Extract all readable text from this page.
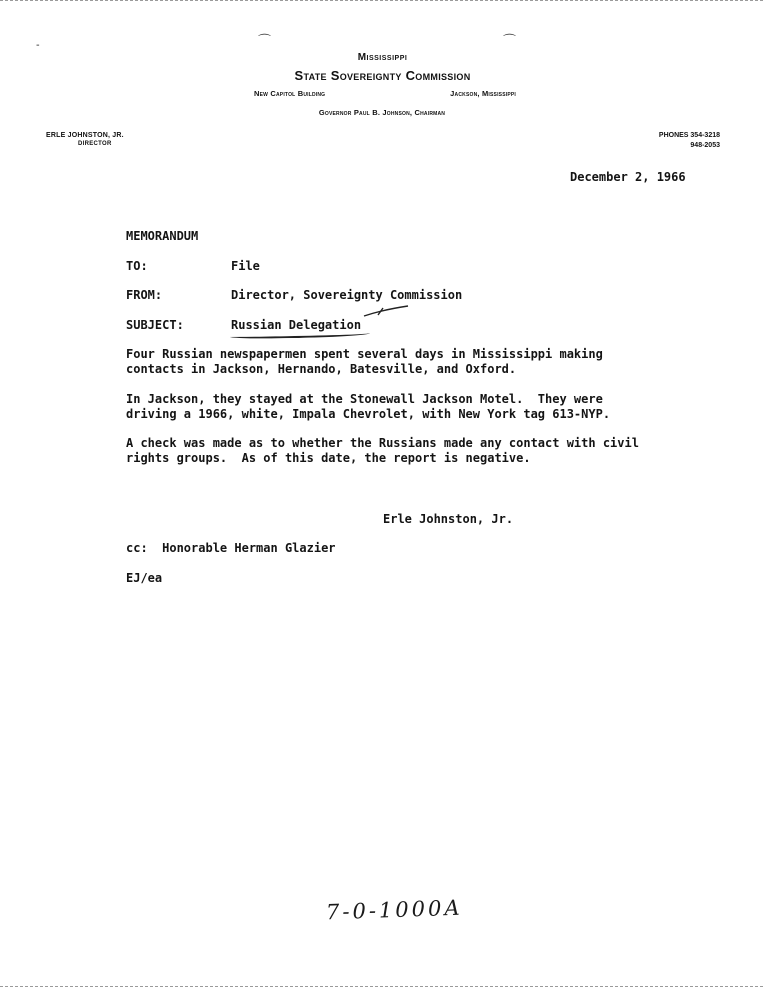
⌒	⌒
‐
Mississippi
State Sovereignty Commission
New Capitol Building	Jackson, Mississippi
Governor Paul B. Johnson, Chairman
ERLE JOHNSTON, JR.
DIRECTOR
PHONES 354-3218
948-2053
December 2, 1966
MEMORANDUM
TO:	File
FROM:	Director, Sovereignty Commission
SUBJECT:	Russian Delegation
Four Russian newspapermen spent several days in Mississippi making
contacts in Jackson, Hernando, Batesville, and Oxford.
In Jackson, they stayed at the Stonewall Jackson Motel.  They were
driving a 1966, white, Impala Chevrolet, with New York tag 613-NYP.
A check was made as to whether the Russians made any contact with civil
rights groups.  As of this date, the report is negative.
Erle Johnston, Jr.
cc:  Honorable Herman Glazier
EJ/ea
7-0-1000A
